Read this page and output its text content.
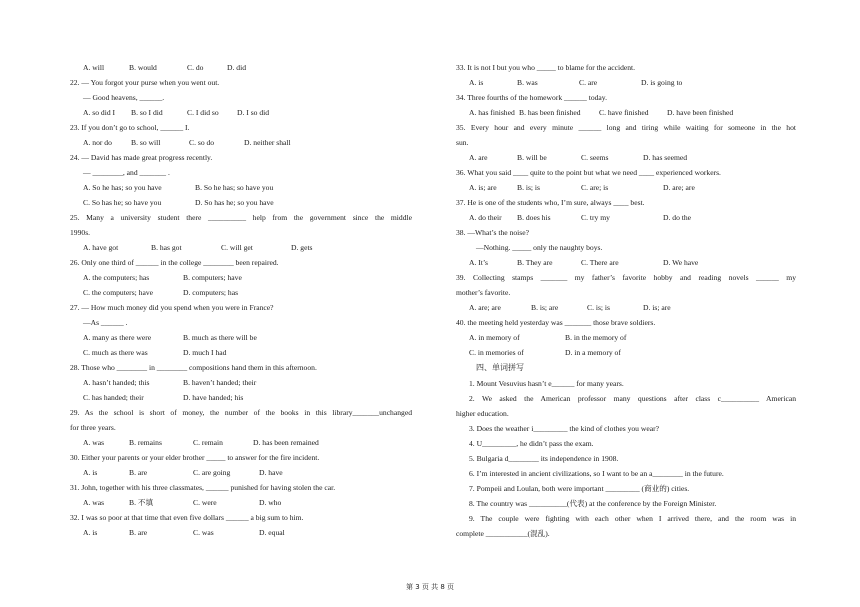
A. will	B. would	C. do	D. did
22. — You forgot your purse when you went out.
— Good heavens, ______.
A. so did I	B. so I did	C. I did so	D. I so did
23. If you don’t go to school, ______ I.
A. nor do	B. so will	C. so do	D. neither shall
24. — David has made great progress recently.
— ________, and _______ .
A. So he has; so you have	B. So he has; so have you
C. So has he; so have you	D. So has he; so you have
25. Many a university student there __________ help from the government since the middle
1990s.
A. have got	B. has got	C. will get	D. gets
26. Only one third of ______ in the college ________ been repaired.
A. the computers; has	B. computers; have
C. the computers; have	D. computers; has
27. — How much money did you spend when you were in France?
—As ______ .
A. many as there were	B. much as there will be
C. much as there was	D. much I had
28. Those who ________ in ________ compositions hand them in this afternoon.
A. hasn’t handed; this	B. haven’t handed; their
C. has handed; their	D. have handed; his
29. As the school is short of money, the number of the books in this library_______unchanged
for three years.
A. was	B. remains	C. remain	D. has been remained
30. Either your parents or your elder brother _____ to answer for the fire incident.
A. is	B. are	C. are going	D. have
31. John, together with his three classmates, ______ punished for having stolen the car.
A. was	B. 不填	C. were	D. who
32. I was so poor at that time that even five dollars ______ a big sum to him.
A. is	B. are	C. was	D. equal
33. It is not I but you who _____ to blame for the accident.
A. is	B. was	C. are	D. is going to
34. Three fourths of the homework ______ today.
A. has finished B. has been finished	C. have finished	D. have been finished
35. Every hour and every minute ______ long and tiring while waiting for someone in the hot
sun.
A. are	B. will be	C. seems	D. has seemed
36. What you said ____ quite to the point but what we need ____ experienced workers.
A. is; are	B. is; is	C. are; is	D. are; are
37. He is one of the students who, I’m sure, always ____ best.
A. do their	B. does his	C. try my	D. do the
38. —What’s the noise?
—Nothing. _____ only the naughty boys.
A. It’s	B. They are	C. There are	D. We have
39. Collecting stamps _______ my father’s favorite hobby and reading novels ______ my
mother’s favorite.
A. are; are	B. is; are	C. is; is	D. is; are
40. the meeting held yesterday was _______ those brave soldiers.
A. in memory of	B. in the memory of
C. in memories of	D. in a memory of
四、单词拼写
1. Mount Vesuvius hasn’t e______ for many years.
2. We asked the American professor many questions after class c__________ American
higher education.
3. Does the weather i_________ the kind of clothes you wear?
4. U_________, he didn’t pass the exam.
5. Bulgaria d________ its independence in 1908.
6. I’m interested in ancient civilizations, so I want to be an a________ in the future.
7. Pompeii and Loulan, both were important _________ (商业的) cities.
8. The country was __________(代表) at the conference by the Foreign Minister.
9. The couple were fighting with each other when I arrived there, and the room was in
complete ___________(混乱).
第 3 页 共 8 页
